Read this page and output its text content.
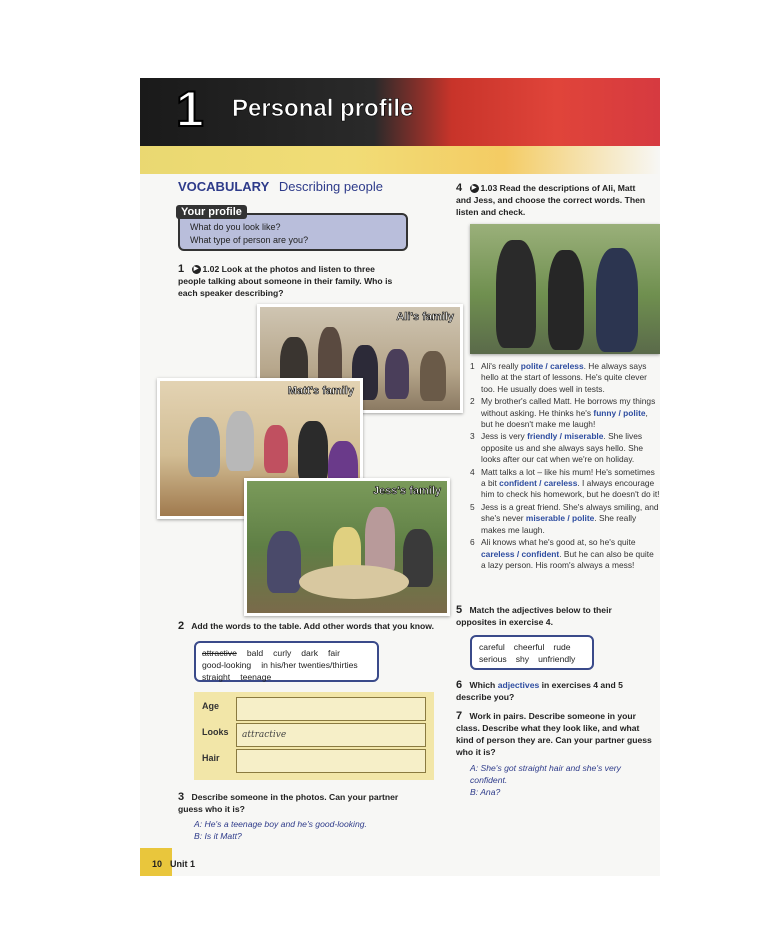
1 Personal profile
VOCABULARY Describing people
What do you look like?
What type of person are you?
Your profile
1 ▶ 1.02 Look at the photos and listen to three people talking about someone in their family. Who is each speaker describing?
Ali's family
Matt's family
Jess's family
2 Add the words to the table. Add other words that you know.
attractive bald curly dark fair
good-looking in his/her twenties/thirties
straight teenage
Age
Looks attractive
Hair
3 Describe someone in the photos. Can your partner guess who it is?
A: He's a teenage boy and he's good-looking.
B: Is it Matt?
4 ▶ 1.03 Read the descriptions of Ali, Matt and Jess, and choose the correct words. Then listen and check.
1 Ali's really polite / careless. He always says hello at the start of lessons. He's quite clever too. He usually does well in tests.
2 My brother's called Matt. He borrows my things without asking. He thinks he's funny / polite, but he doesn't make me laugh!
3 Jess is very friendly / miserable. She lives opposite us and she always says hello. She looks after our cat when we're on holiday.
4 Matt talks a lot – like his mum! He's sometimes a bit confident / careless. I always encourage him to check his homework, but he doesn't do it!
5 Jess is a great friend. She's always smiling, and she's never miserable / polite. She really makes me laugh.
6 Ali knows what he's good at, so he's quite careless / confident. But he can also be quite a lazy person. His room's always a mess!
5 Match the adjectives below to their opposites in exercise 4.
careful cheerful rude
serious shy unfriendly
6 Which adjectives in exercises 4 and 5 describe you?
7 Work in pairs. Describe someone in your class. Describe what they look like, and what kind of person they are. Can your partner guess who it is?
A: She's got straight hair and she's very confident.
B: Ana?
10 Unit 1
